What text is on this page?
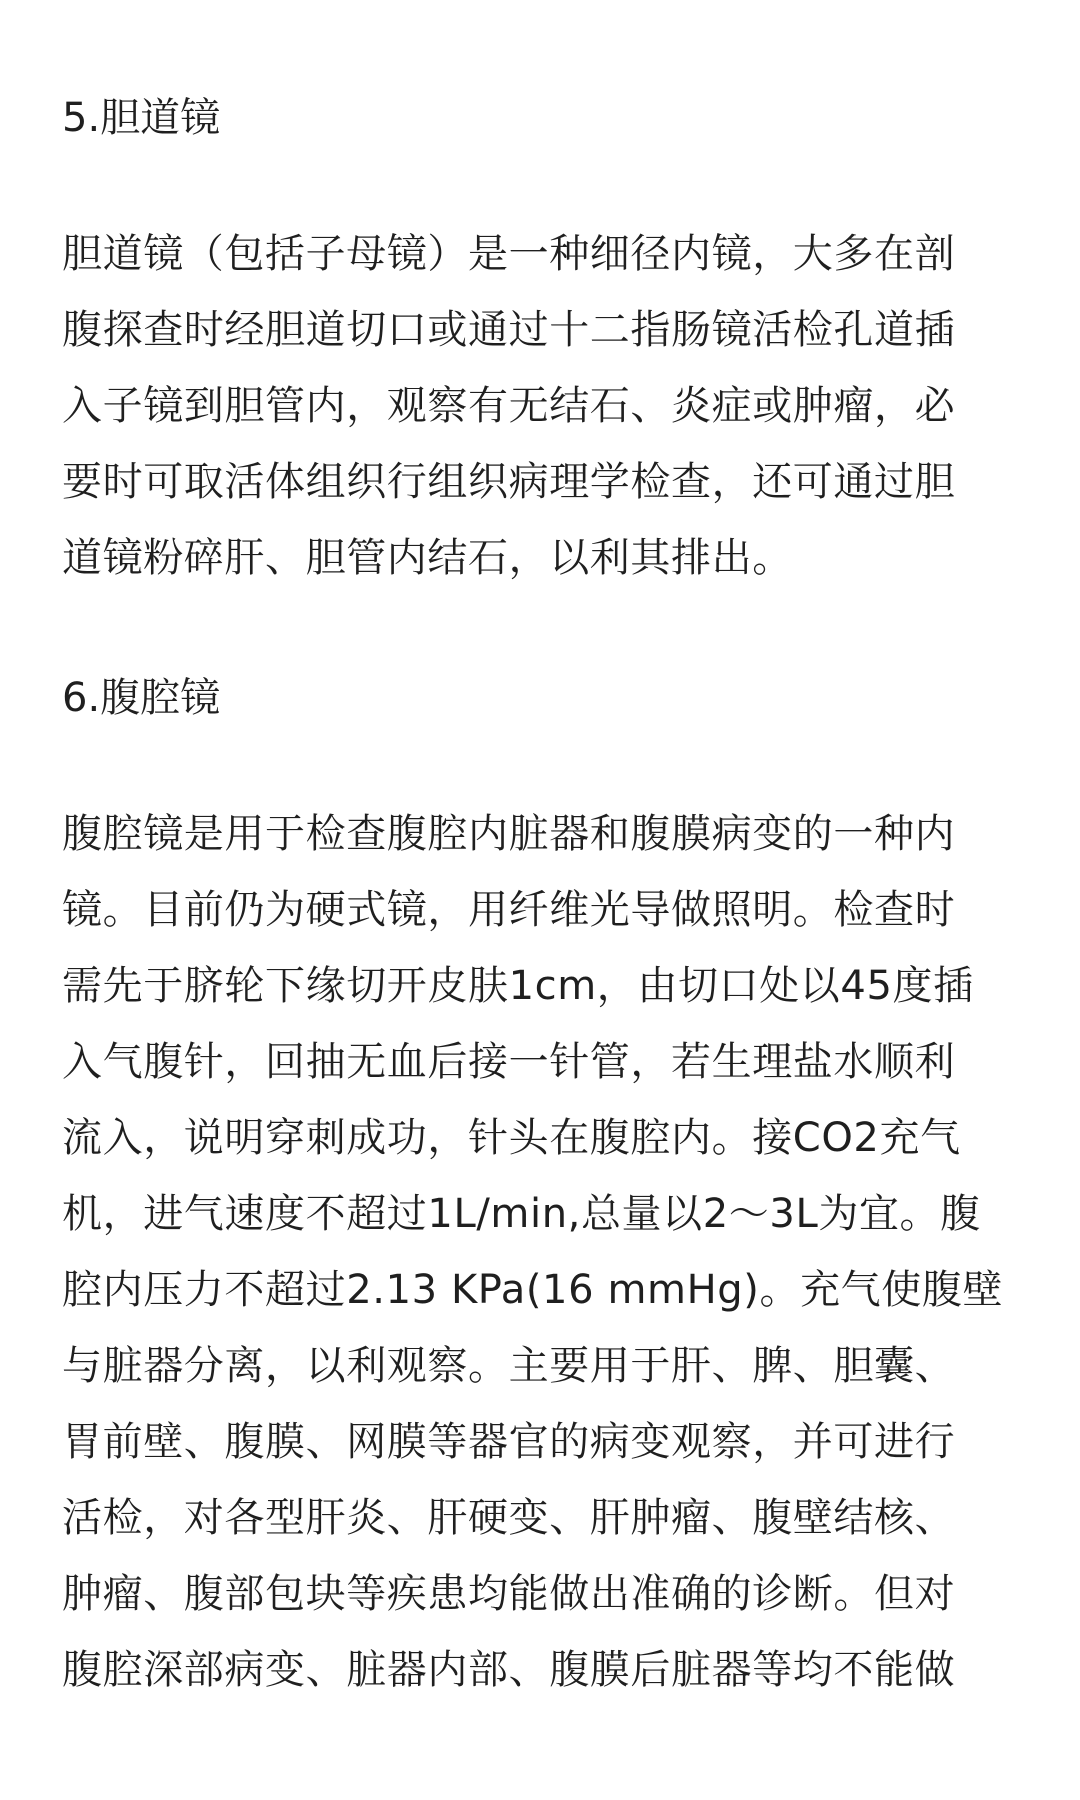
5.胆道镜

胆道镜（包括子母镜）是一种细径内镜，大多在剖
腹探查时经胆道切口或通过十二指肠镜活检孔道插
入子镜到胆管内，观察有无结石、炎症或肿瘤，必
要时可取活体组织行组织病理学检查，还可通过胆
道镜粉碎肝、胆管内结石，以利其排出。

6.腹腔镜

腹腔镜是用于检查腹腔内脏器和腹膜病变的一种内
镜。目前仍为硬式镜，用纤维光导做照明。检查时
需先于脐轮下缘切开皮肤1cm，由切口处以45度插
入气腹针，回抽无血后接一针管，若生理盐水顺利
流入，说明穿刺成功，针头在腹腔内。接CO2充气
机，进气速度不超过1L/min,总量以2～3L为宜。腹
腔内压力不超过2.13 KPa(16 mmHg)。充气使腹壁
与脏器分离，以利观察。主要用于肝、脾、胆囊、
胃前壁、腹膜、网膜等器官的病变观察，并可进行
活检，对各型肝炎、肝硬变、肝肿瘤、腹壁结核、
肿瘤、腹部包块等疾患均能做出准确的诊断。但对
腹腔深部病变、脏器内部、腹膜后脏器等均不能做
